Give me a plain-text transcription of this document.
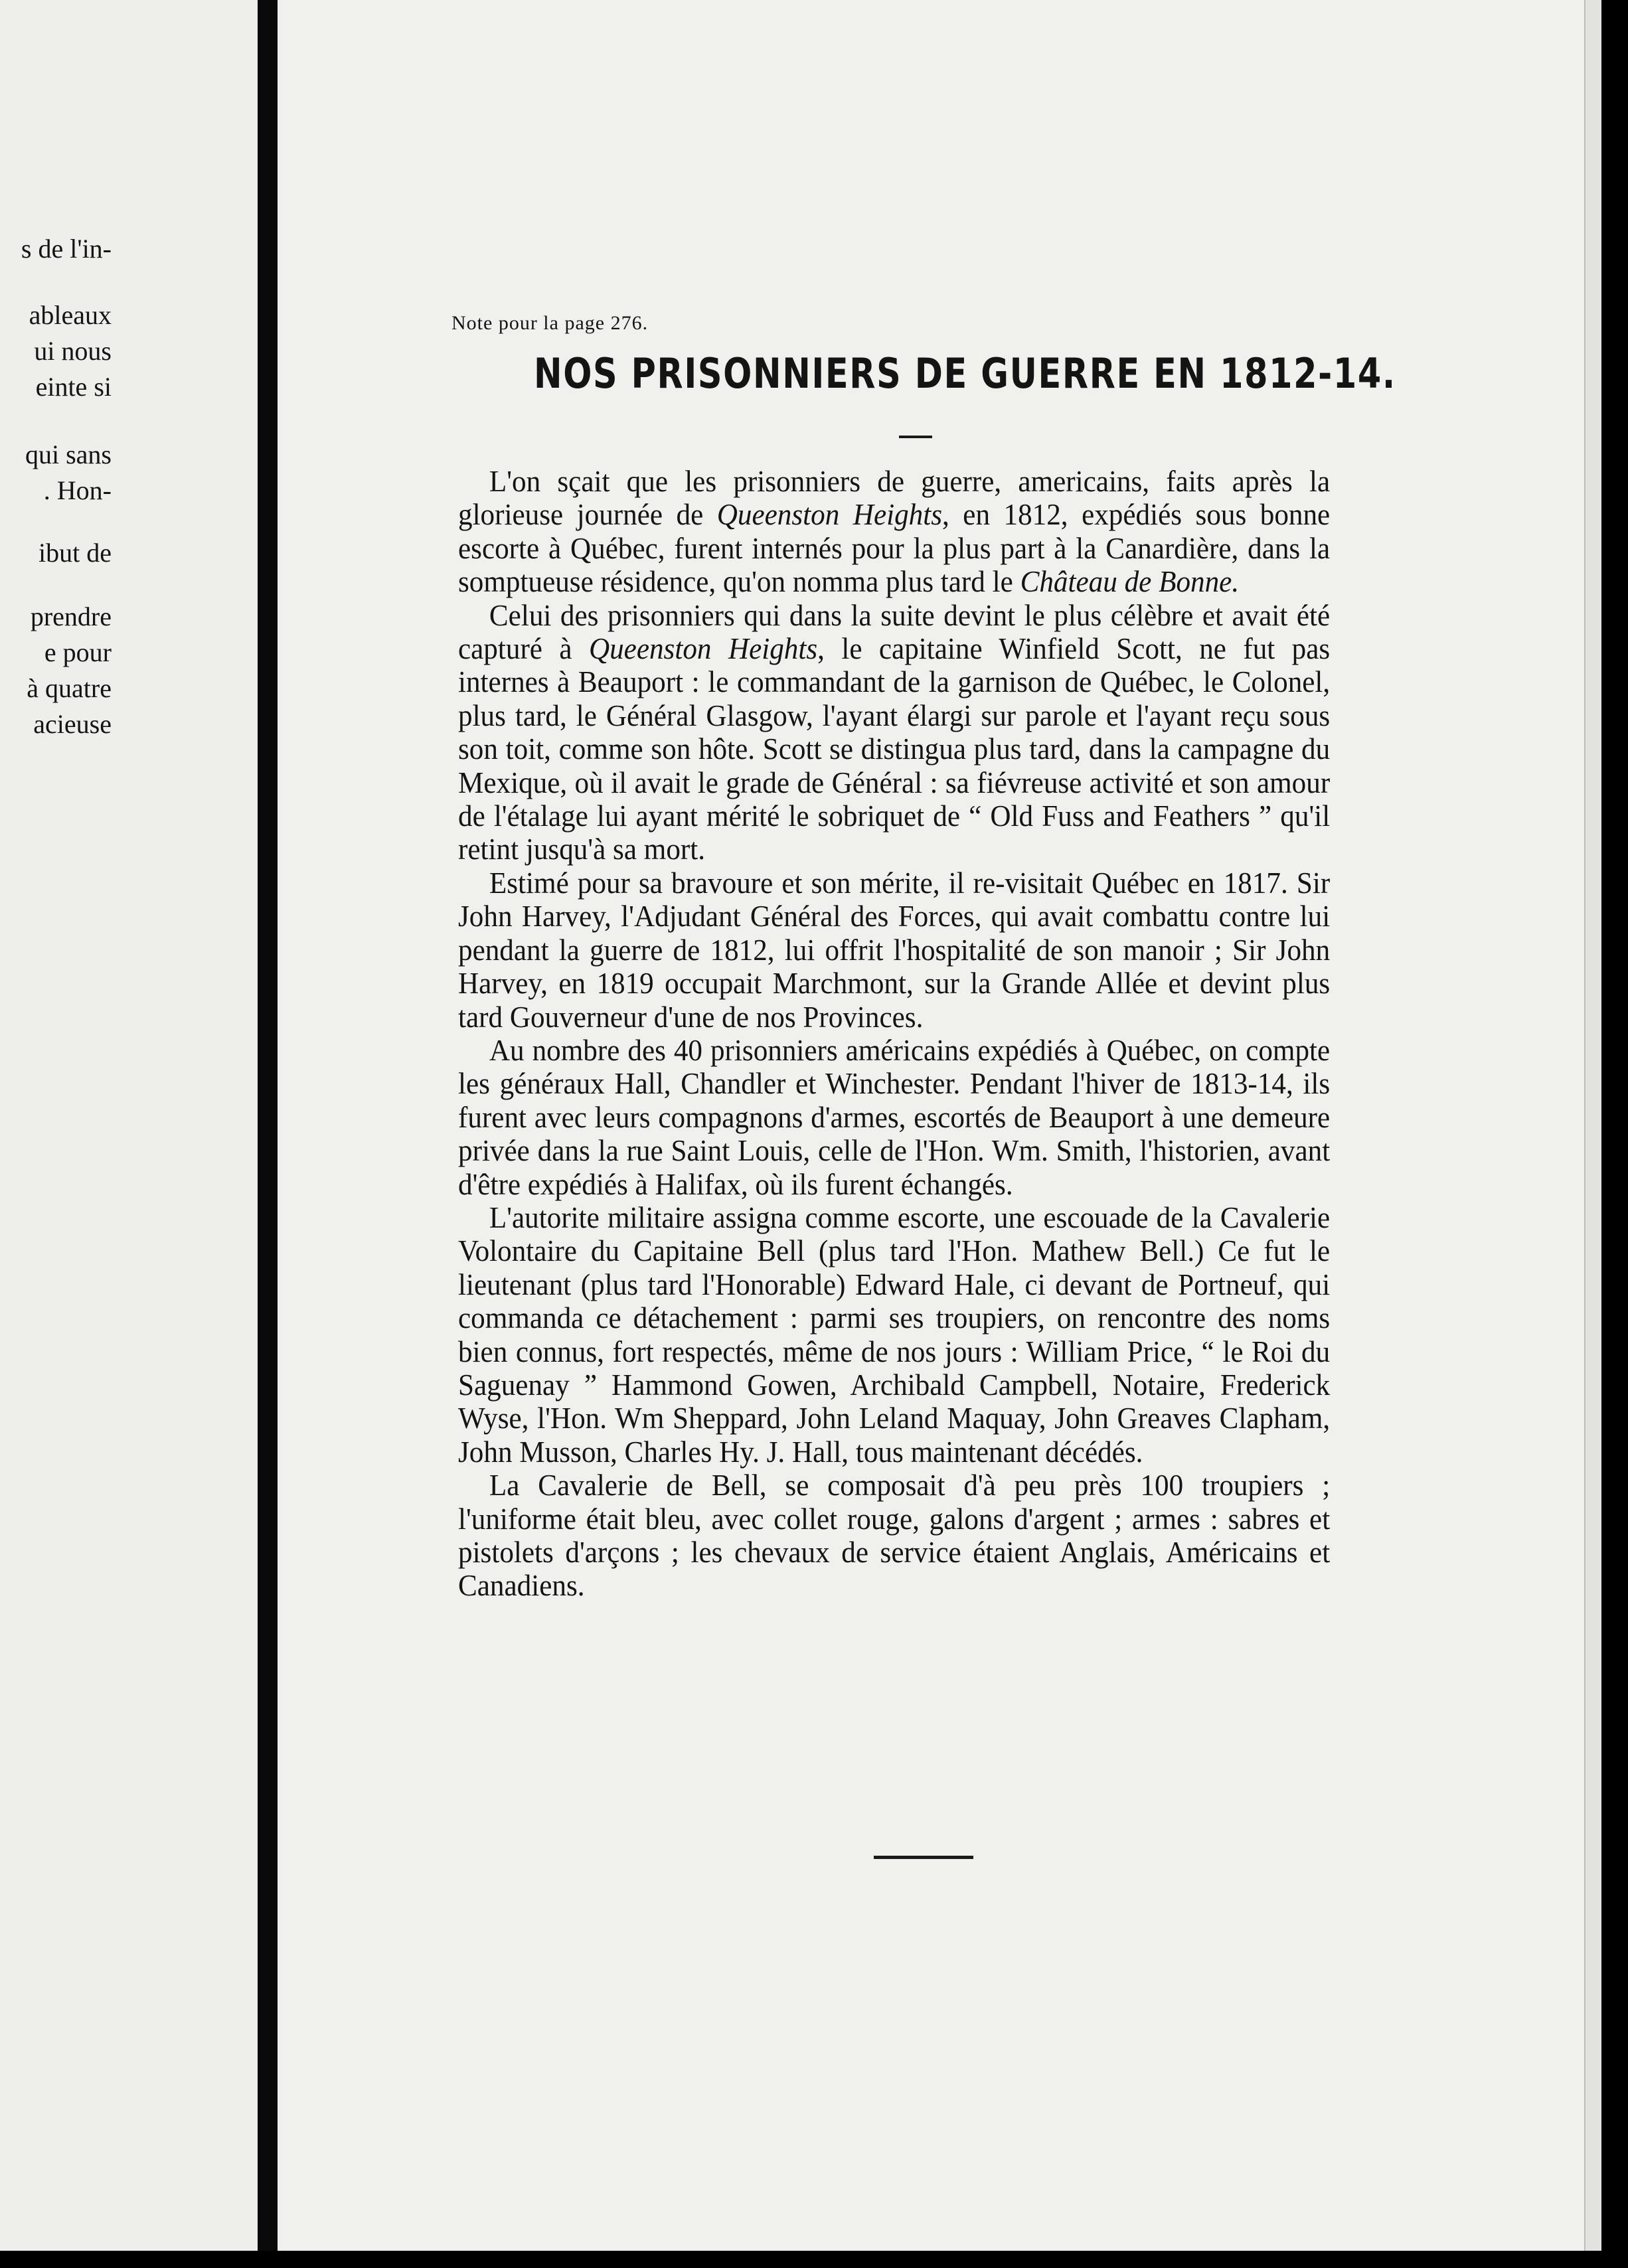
s de l'in-
ableaux
ui nous
einte si
qui sans
. Hon-
ibut de
prendre
e pour
à quatre
acieuse
Note pour la page 276.
NOS PRISONNIERS DE GUERRE EN 1812-14.

L'on sçait que les prisonniers de guerre, americains, faits après la glorieuse journée de Queenston Heights, en 1812, expédiés sous bonne escorte à Québec, furent internés pour la plus part à la Canardière, dans la somptueuse résidence, qu'on nomma plus tard le Château de Bonne.

Celui des prisonniers qui dans la suite devint le plus célèbre et avait été capturé à Queenston Heights, le capitaine Winfield Scott, ne fut pas internes à Beauport : le commandant de la garnison de Québec, le Colonel, plus tard, le Général Glasgow, l'ayant élargi sur parole et l'ayant reçu sous son toit, comme son hôte. Scott se distingua plus tard, dans la campagne du Mexique, où il avait le grade de Général : sa fiévreuse activité et son amour de l'étalage lui ayant mérité le sobriquet de “ Old Fuss and Feathers ” qu'il retint jusqu'à sa mort.

Estimé pour sa bravoure et son mérite, il re-visitait Québec en 1817. Sir John Harvey, l'Adjudant Général des Forces, qui avait combattu contre lui pendant la guerre de 1812, lui offrit l'hospitalité de son manoir ; Sir John Harvey, en 1819 occupait Marchmont, sur la Grande Allée et devint plus tard Gouverneur d'une de nos Provinces.

Au nombre des 40 prisonniers américains expédiés à Québec, on compte les généraux Hall, Chandler et Winchester. Pendant l'hiver de 1813-14, ils furent avec leurs compagnons d'armes, escortés de Beauport à une demeure privée dans la rue Saint Louis, celle de l'Hon. Wm. Smith, l'historien, avant d'être expédiés à Halifax, où ils furent échangés.

L'autorite militaire assigna comme escorte, une escouade de la Cavalerie Volontaire du Capitaine Bell (plus tard l'Hon. Mathew Bell.) Ce fut le lieutenant (plus tard l'Honorable) Edward Hale, ci devant de Portneuf, qui commanda ce détachement : parmi ses troupiers, on rencontre des noms bien connus, fort respectés, même de nos jours : William Price, “ le Roi du Saguenay ” Hammond Gowen, Archibald Campbell, Notaire, Frederick Wyse, l'Hon. Wm Sheppard, John Leland Maquay, John Greaves Clapham, John Musson, Charles Hy. J. Hall, tous maintenant décédés.

La Cavalerie de Bell, se composait d'à peu près 100 troupiers ; l'uniforme était bleu, avec collet rouge, galons d'argent ; armes : sabres et pistolets d'arçons ; les chevaux de service étaient Anglais, Américains et Canadiens.
